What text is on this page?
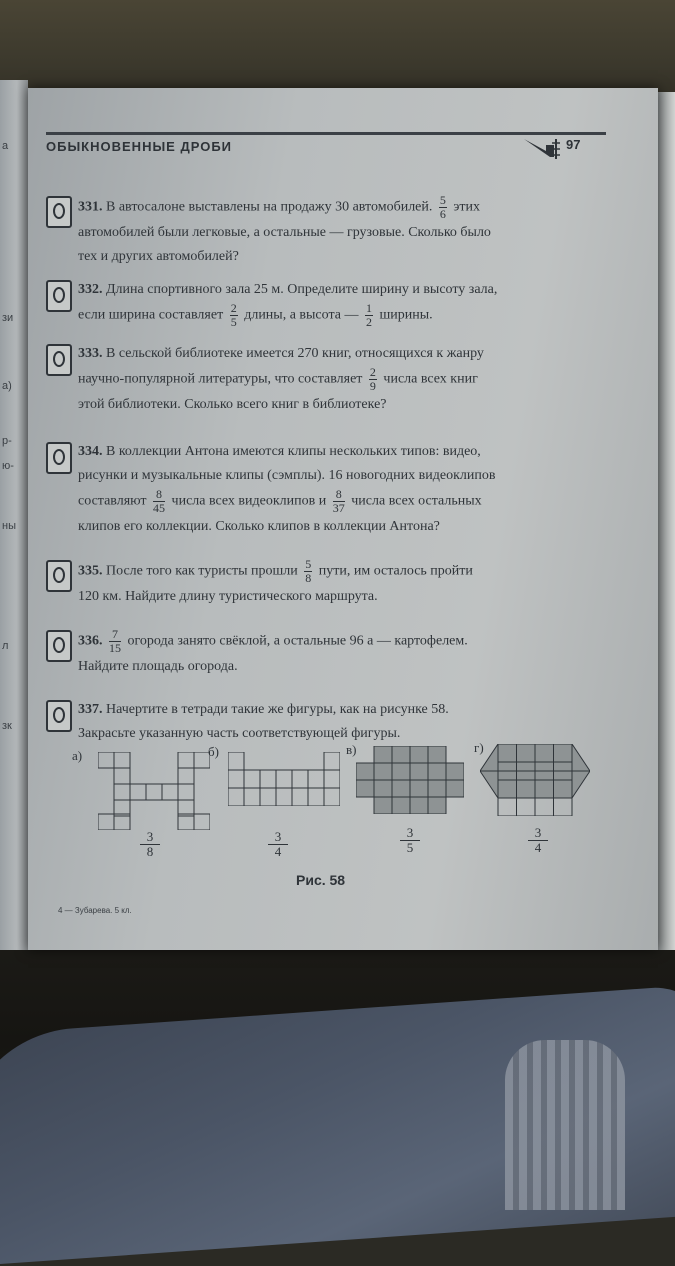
а
зи
а)
р-
ю-
ны
л
зк
ОБЫКНОВЕННЫЕ ДРОБИ	97
331. В автосалоне выставлены на продажу 30 автомобилей. $\frac{5}{6}$ этих
автомобилей были легковые, а остальные — грузовые. Сколько было
тех и других автомобилей?
332. Длина спортивного зала 25 м. Определите ширину и высоту зала,
если ширина составляет $\frac{2}{5}$ длины, а высота — $\frac{1}{2}$ ширины.
333. В сельской библиотеке имеется 270 книг, относящихся к жанру
научно-популярной литературы, что составляет $\frac{2}{9}$ числа всех книг
этой библиотеки. Сколько всего книг в библиотеке?
334. В коллекции Антона имеются клипы нескольких типов: видео,
рисунки и музыкальные клипы (сэмплы). 16 новогодних видеоклипов
составляют $\frac{8}{45}$ числа всех видеоклипов и $\frac{8}{37}$ числа всех остальных
клипов его коллекции. Сколько клипов в коллекции Антона?
335. После того как туристы прошли $\frac{5}{8}$ пути, им осталось пройти
120 км. Найдите длину туристического маршрута.
336. $\frac{7}{15}$ огорода занято свёклой, а остальные 96 а — картофелем.
Найдите площадь огорода.
337. Начертите в тетради такие же фигуры, как на рисунке 58.
Закрасьте указанную часть соответствующей фигуры.
а)
$\frac{3}{8}$
б)
$\frac{3}{4}$
в)
$\frac{3}{5}$
г)
$\frac{3}{4}$
Рис. 58
4 — Зубарева. 5 кл.
